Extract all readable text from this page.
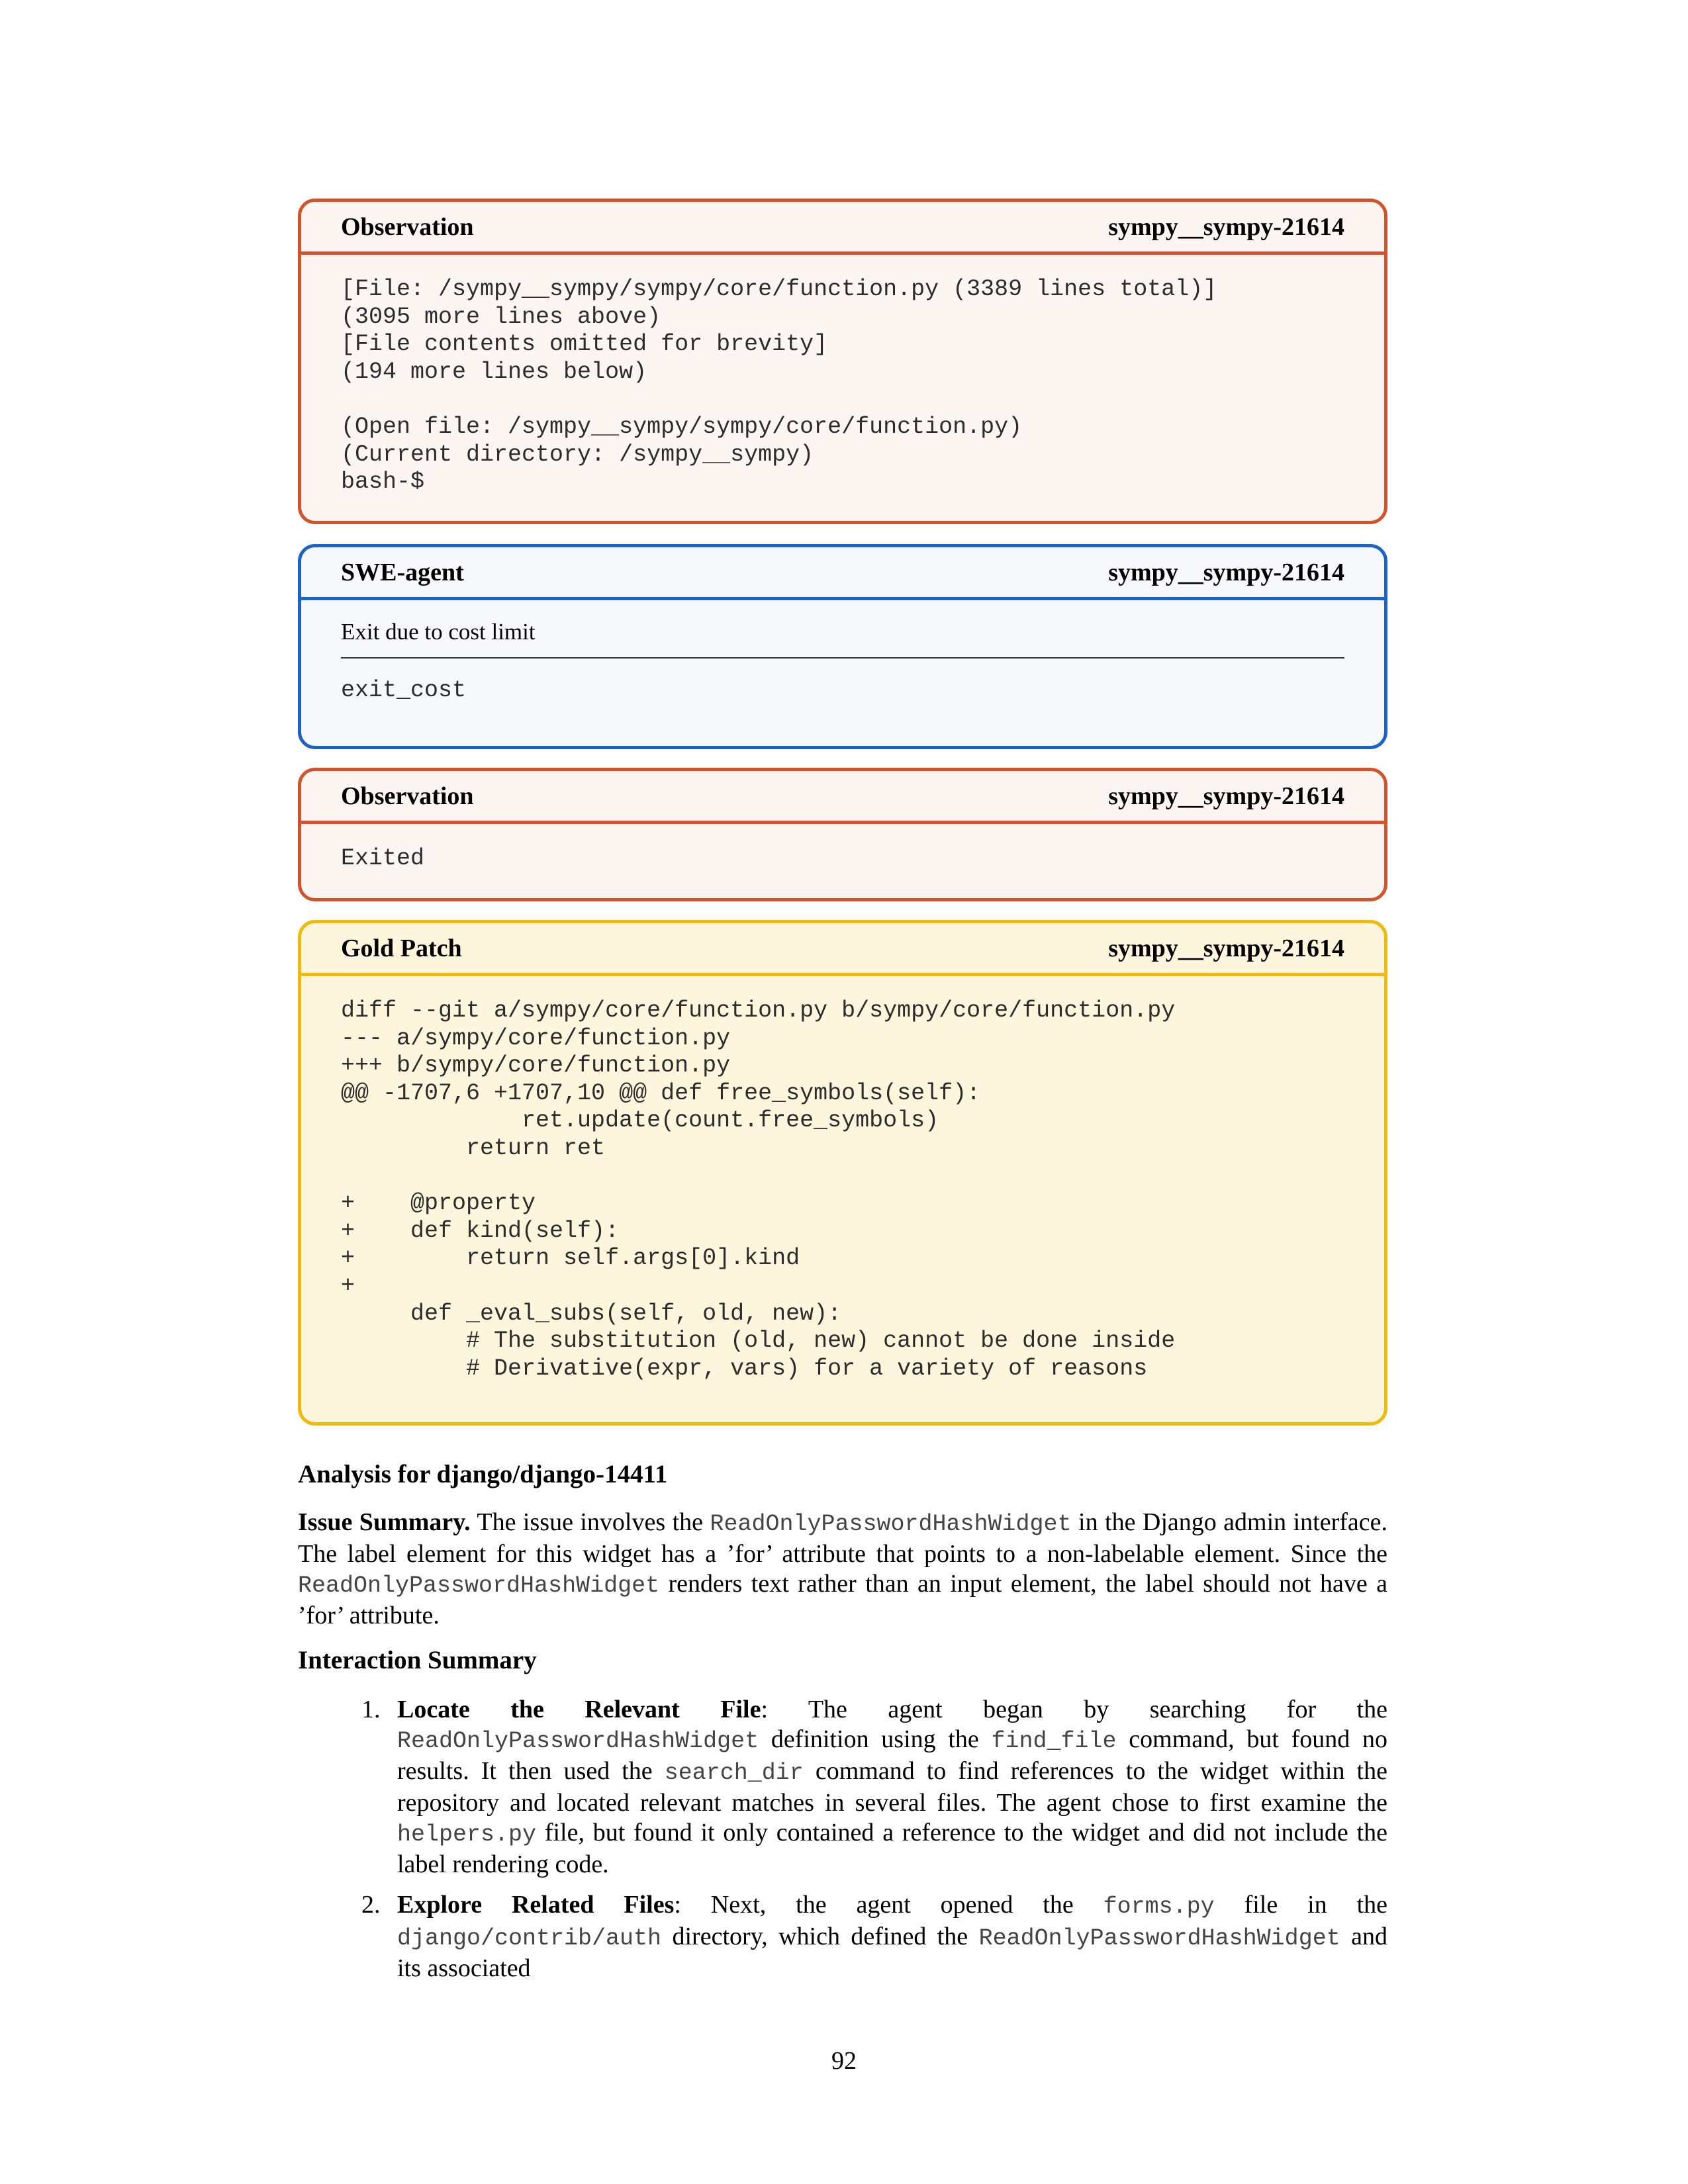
Observation	sympy__sympy-21614
[File: /sympy__sympy/sympy/core/function.py (3389 lines total)]
(3095 more lines above)
[File contents omitted for brevity]
(194 more lines below)

(Open file: /sympy__sympy/sympy/core/function.py)
(Current directory: /sympy__sympy)
bash-$
SWE-agent	sympy__sympy-21614

Exit due to cost limit

exit_cost
Observation	sympy__sympy-21614
Exited
Gold Patch	sympy__sympy-21614
diff --git a/sympy/core/function.py b/sympy/core/function.py
--- a/sympy/core/function.py
+++ b/sympy/core/function.py
@@ -1707,6 +1707,10 @@ def free_symbols(self):
ret.update(count.free_symbols)
return ret

+    @property
+    def kind(self):
+        return self.args[0].kind
+
def _eval_subs(self, old, new):
# The substitution (old, new) cannot be done inside
# Derivative(expr, vars) for a variety of reasons
Analysis for django/django-14411

Issue Summary. The issue involves the ReadOnlyPasswordHashWidget in the Django admin interface. The label element for this widget has a ’for’ attribute that points to a non-labelable element. Since the ReadOnlyPasswordHashWidget renders text rather than an input element, the label should not have a ’for’ attribute.

Interaction Summary
1. Locate the Relevant File: The agent began by searching for the ReadOnlyPasswordHashWidget definition using the find_file command, but found no results. It then used the search_dir command to find references to the widget within the repository and located relevant matches in several files. The agent chose to first examine the helpers.py file, but found it only contained a reference to the widget and did not include the label rendering code.
2. Explore Related Files: Next, the agent opened the forms.py file in the django/contrib/auth directory, which defined the ReadOnlyPasswordHashWidget and its associated
92
